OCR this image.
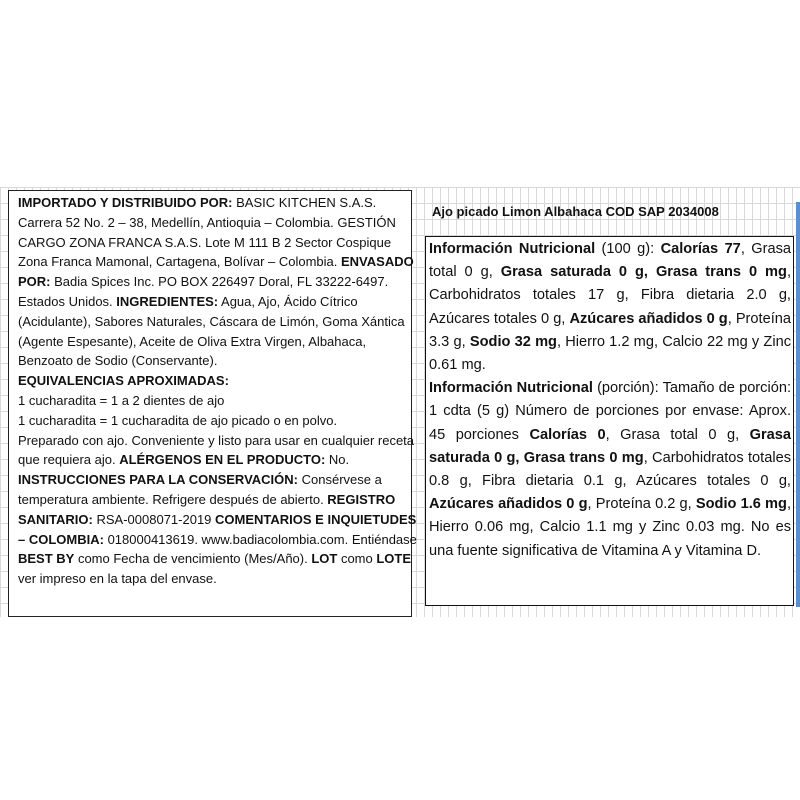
IMPORTADO Y DISTRIBUIDO POR: BASIC KITCHEN S.A.S. Carrera 52 No. 2 – 38, Medellín, Antioquia – Colombia. GESTIÓN CARGO ZONA FRANCA S.A.S. Lote M 111 B 2 Sector Cospique Zona Franca Mamonal, Cartagena, Bolívar – Colombia. ENVASADO POR: Badia Spices Inc. PO BOX 226497 Doral, FL 33222-6497. Estados Unidos. INGREDIENTES: Agua, Ajo, Ácido Cítrico (Acidulante), Sabores Naturales, Cáscara de Limón, Goma Xántica (Agente Espesante), Aceite de Oliva Extra Virgen, Albahaca, Benzoato de Sodio (Conservante).

EQUIVALENCIAS APROXIMADAS:

1 cucharadita = 1 a 2 dientes de ajo

1 cucharadita = 1 cucharadita de ajo picado o en polvo.

Preparado con ajo. Conveniente y listo para usar en cualquier receta que requiera ajo. ALÉRGENOS EN EL PRODUCTO: No. INSTRUCCIONES PARA LA CONSERVACIÓN: Consérvese a temperatura ambiente. Refrigere después de abierto. REGISTRO SANITARIO: RSA-0008071-2019 COMENTARIOS E INQUIETUDES – COLOMBIA: 018000413619. www.badiacolombia.com. Entiéndase BEST BY como Fecha de vencimiento (Mes/Año). LOT como LOTE ver impreso en la tapa del envase.

Ajo picado Limon Albahaca COD SAP 2034008

Información Nutricional (100 g): Calorías 77, Grasa total 0 g, Grasa saturada 0 g, Grasa trans 0 mg, Carbohidratos totales 17 g, Fibra dietaria 2.0 g, Azúcares totales 0 g, Azúcares añadidos 0 g, Proteína 3.3 g, Sodio 32 mg, Hierro 1.2 mg, Calcio 22 mg y Zinc 0.61 mg.

Información Nutricional (porción): Tamaño de porción: 1 cdta (5 g) Número de porciones por envase: Aprox. 45 porciones Calorías 0, Grasa total 0 g, Grasa saturada 0 g, Grasa trans 0 mg, Carbohidratos totales 0.8 g, Fibra dietaria 0.1 g, Azúcares totales 0 g, Azúcares añadidos 0 g, Proteína 0.2 g, Sodio 1.6 mg, Hierro 0.06 mg, Calcio 1.1 mg y Zinc 0.03 mg. No es una fuente significativa de Vitamina A y Vitamina D.
